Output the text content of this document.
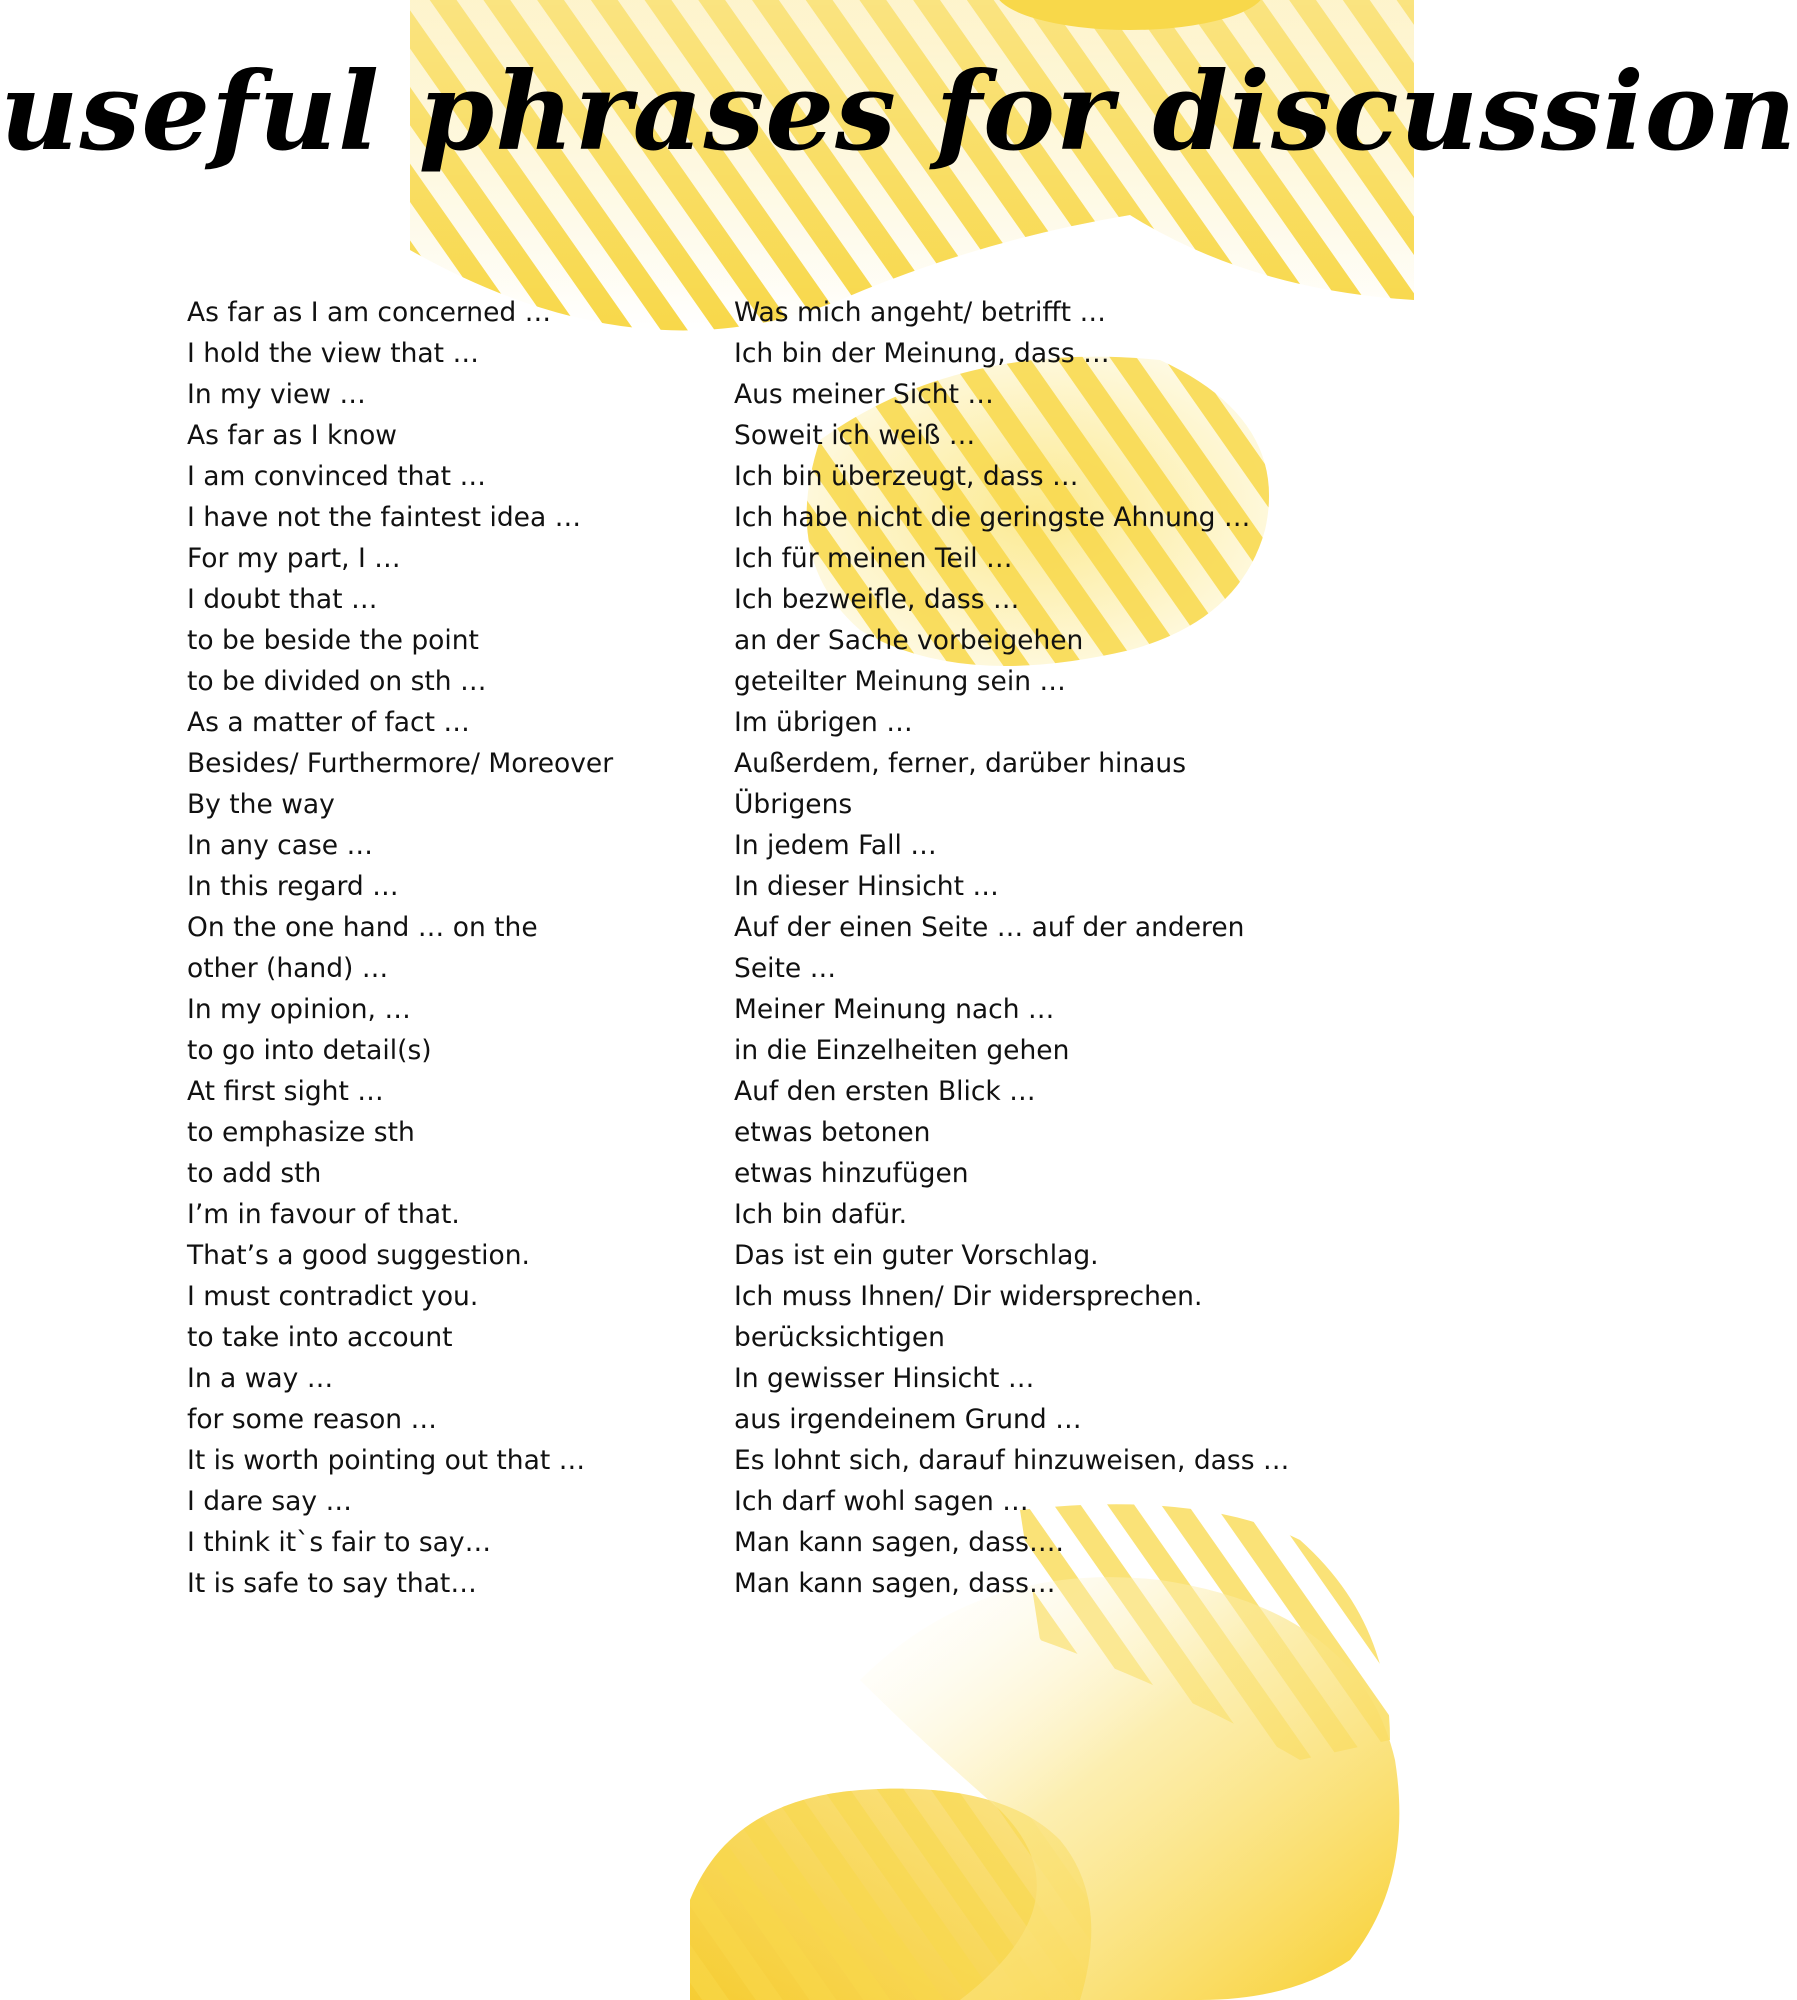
useful phrases for discussion
As far as I am concerned …
I hold the view that …
In my view …
As far as I know
I am convinced that …
I have not the faintest idea …
For my part, I …
I doubt that …
to be beside the point
to be divided on sth …
As a matter of fact …
Besides/ Furthermore/ Moreover
By the way
In any case …
In this regard …
On the one hand … on the
other (hand) …
In my opinion, …
to go into detail(s)
At first sight …
to emphasize sth
to add sth
I’m in favour of that.
That’s a good suggestion.
I must contradict you.
to take into account
In a way …
for some reason …
It is worth pointing out that …
I dare say …
I think it`s fair to say…
It is safe to say that…
Was mich angeht/ betrifft …
Ich bin der Meinung, dass …
Aus meiner Sicht …
Soweit ich weiß …
Ich bin überzeugt, dass …
Ich habe nicht die geringste Ahnung …
Ich für meinen Teil …
Ich bezweifle, dass …
an der Sache vorbeigehen
geteilter Meinung sein …
Im übrigen …
Außerdem, ferner, darüber hinaus
Übrigens
In jedem Fall …
In dieser Hinsicht …
Auf der einen Seite … auf der anderen
Seite …
Meiner Meinung nach …
in die Einzelheiten gehen
Auf den ersten Blick …
etwas betonen
etwas hinzufügen
Ich bin dafür.
Das ist ein guter Vorschlag.
Ich muss Ihnen/ Dir widersprechen.
berücksichtigen
In gewisser Hinsicht …
aus irgendeinem Grund …
Es lohnt sich, darauf hinzuweisen, dass …
Ich darf wohl sagen …
Man kann sagen, dass….
Man kann sagen, dass…
